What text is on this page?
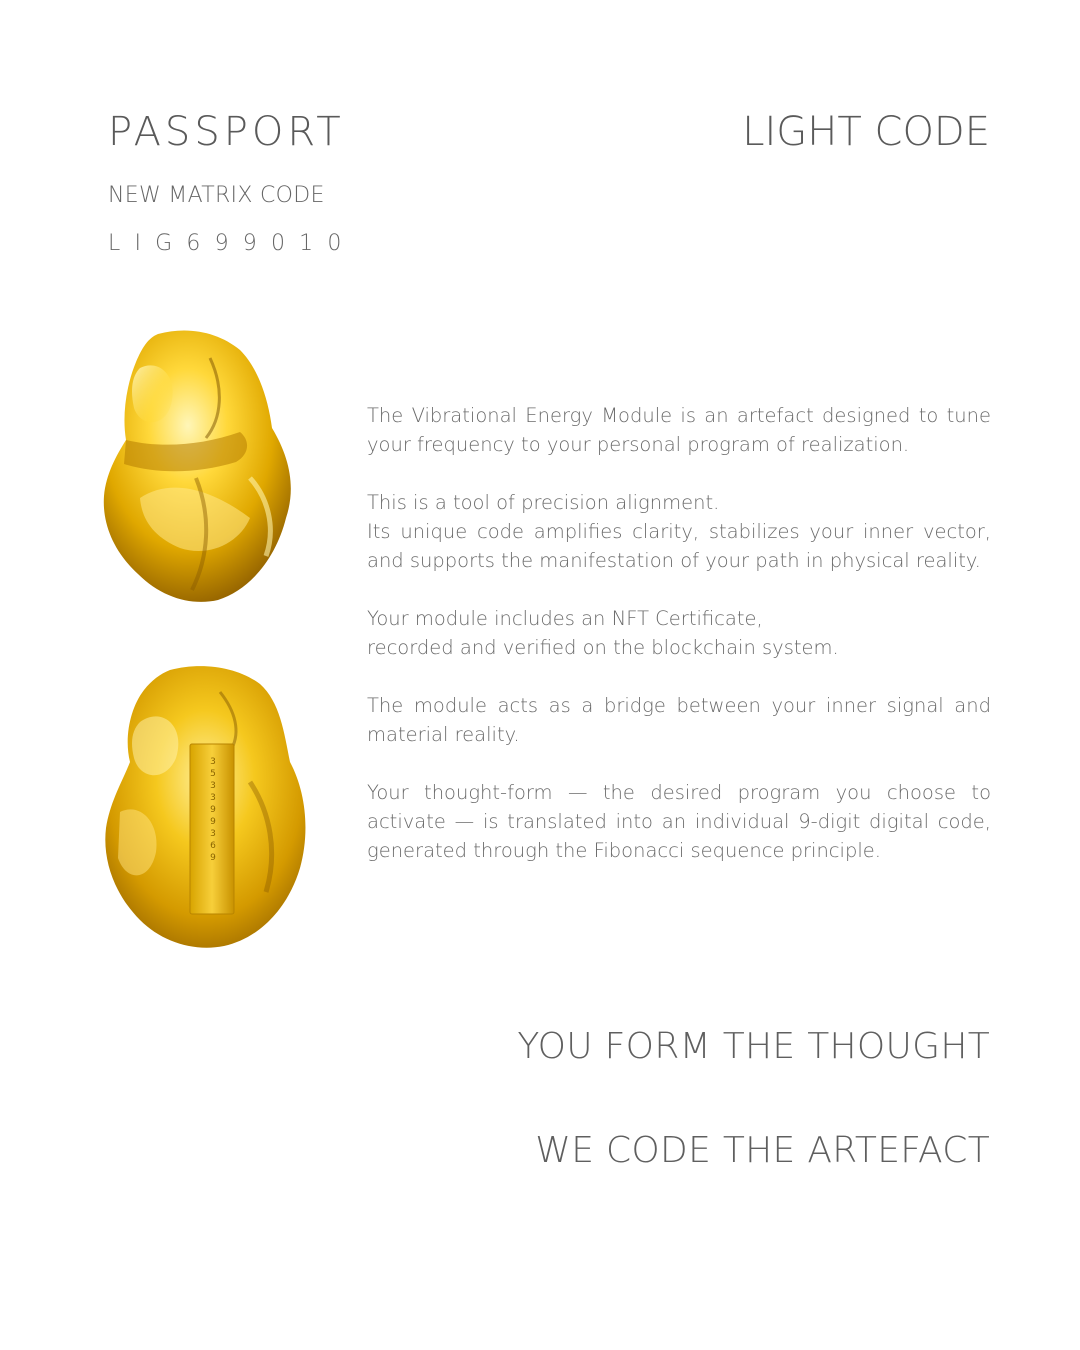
PASSPORT	LIGHT CODE
NEW MATRIX CODE
LIG699010
3 5 3 3 9 9 3 6 9

The Vibrational Energy Module is an artefact designed to tune your frequency to your personal program of realization.

This is a tool of precision alignment.
Its unique code amplifies clarity, stabilizes your inner vector, and supports the manifestation of your path in physical reality.

Your module includes an NFT Certificate,
recorded and verified on the blockchain system.

The module acts as a bridge between your inner signal and material reality.

Your thought-form — the desired program you choose to activate — is translated into an individual 9-digit digital code, generated through the Fibonacci sequence principle.

YOU FORM THE THOUGHT
WE CODE THE ARTEFACT
